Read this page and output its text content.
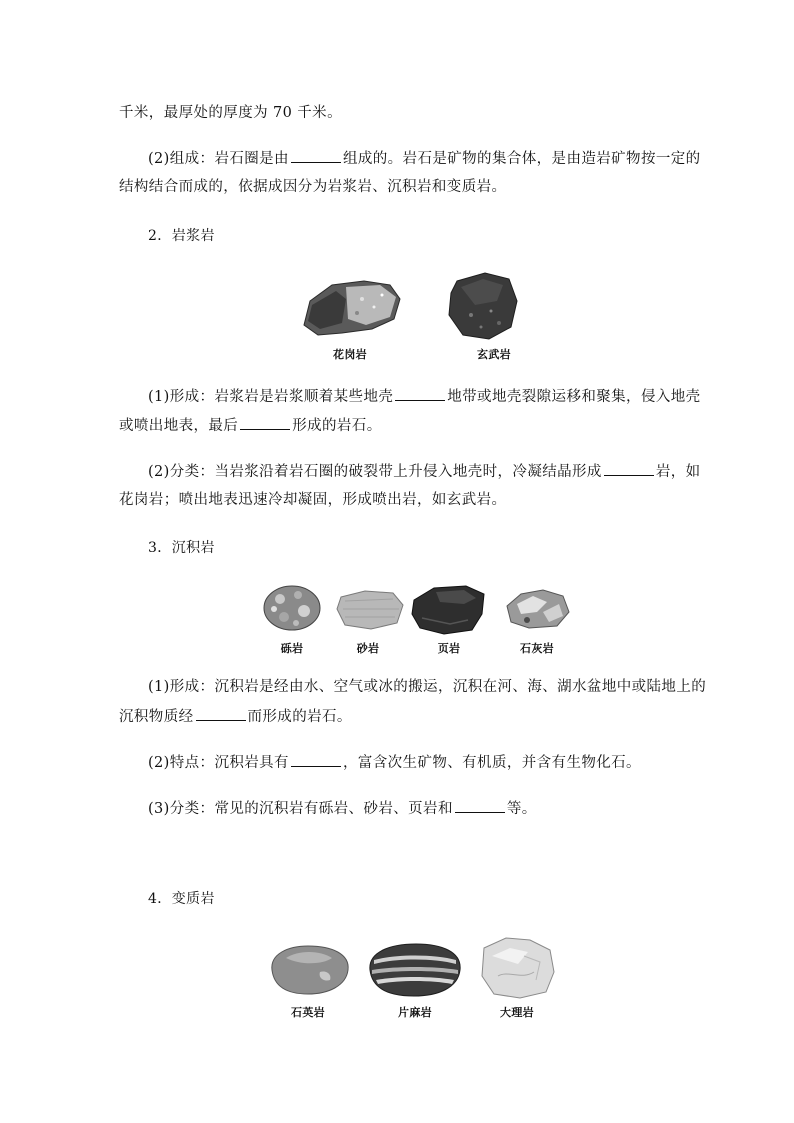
千米，最厚处的厚度为 70 千米。
(2)组成：岩石圈是由	组成的。岩石是矿物的集合体，是由造岩矿物按一定的
结构结合而成的，依据成因分为岩浆岩、沉积岩和变质岩。
2．岩浆岩
花岗岩	玄武岩
(1)形成：岩浆岩是岩浆顺着某些地壳	地带或地壳裂隙运移和聚集，侵入地壳
或喷出地表，最后	形成的岩石。
(2)分类：当岩浆沿着岩石圈的破裂带上升侵入地壳时，冷凝结晶形成	岩，如
花岗岩；喷出地表迅速冷却凝固，形成喷出岩，如玄武岩。
3．沉积岩
砾岩	砂岩	页岩	石灰岩
(1)形成：沉积岩是经由水、空气或冰的搬运，沉积在河、海、湖水盆地中或陆地上的
沉积物质经	而形成的岩石。
(2)特点：沉积岩具有	，富含次生矿物、有机质，并含有生物化石。
(3)分类：常见的沉积岩有砾岩、砂岩、页岩和	等。
4．变质岩
石英岩	片麻岩	大理岩
